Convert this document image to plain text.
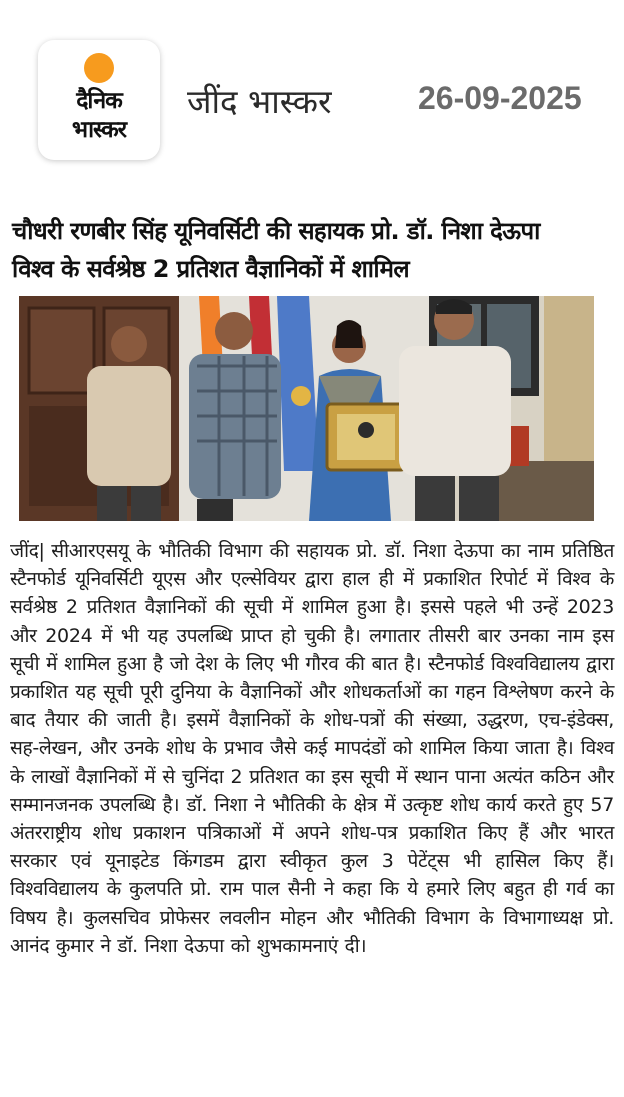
दैनिक
भास्कर
जींद भास्कर	26-09-2025
चौधरी रणबीर सिंह यूनिवर्सिटी की सहायक प्रो. डॉ. निशा देऊपा
विश्व के सर्वश्रेष्ठ 2 प्रतिशत वैज्ञानिकों में शामिल
जींद| सीआरएसयू के भौतिकी विभाग की सहायक प्रो. डॉ. निशा देऊपा का नाम प्रतिष्ठित स्टैनफोर्ड यूनिवर्सिटी यूएस और एल्सेवियर द्वारा हाल ही में प्रकाशित रिपोर्ट में विश्व के सर्वश्रेष्ठ 2 प्रतिशत वैज्ञानिकों की सूची में शामिल हुआ है। इससे पहले भी उन्हें 2023 और 2024 में भी यह उपलब्धि प्राप्त हो चुकी है। लगातार तीसरी बार उनका नाम इस सूची में शामिल हुआ है जो देश के लिए भी गौरव की बात है। स्टैनफोर्ड विश्वविद्यालय द्वारा प्रकाशित यह सूची पूरी दुनिया के वैज्ञानिकों और शोधकर्ताओं का गहन विश्लेषण करने के बाद तैयार की जाती है। इसमें वैज्ञानिकों के शोध-पत्रों की संख्या, उद्धरण, एच-इंडेक्स, सह-लेखन, और उनके शोध के प्रभाव जैसे कई मापदंडों को शामिल किया जाता है। विश्व के लाखों वैज्ञानिकों में से चुनिंदा 2 प्रतिशत का इस सूची में स्थान पाना अत्यंत कठिन और सम्मानजनक उपलब्धि है। डॉ. निशा ने भौतिकी के क्षेत्र में उत्कृष्ट शोध कार्य करते हुए 57 अंतरराष्ट्रीय शोध प्रकाशन पत्रिकाओं में अपने शोध-पत्र प्रकाशित किए हैं और भारत सरकार एवं यूनाइटेड किंगडम द्वारा स्वीकृत कुल 3 पेटेंट्स भी हासिल किए हैं। विश्वविद्यालय के कुलपति प्रो. राम पाल सैनी ने कहा कि ये हमारे लिए बहुत ही गर्व का विषय है। कुलसचिव प्रोफेसर लवलीन मोहन और भौतिकी विभाग के विभागाध्यक्ष प्रो. आनंद कुमार ने डॉ. निशा देऊपा को शुभकामनाएं दी।
